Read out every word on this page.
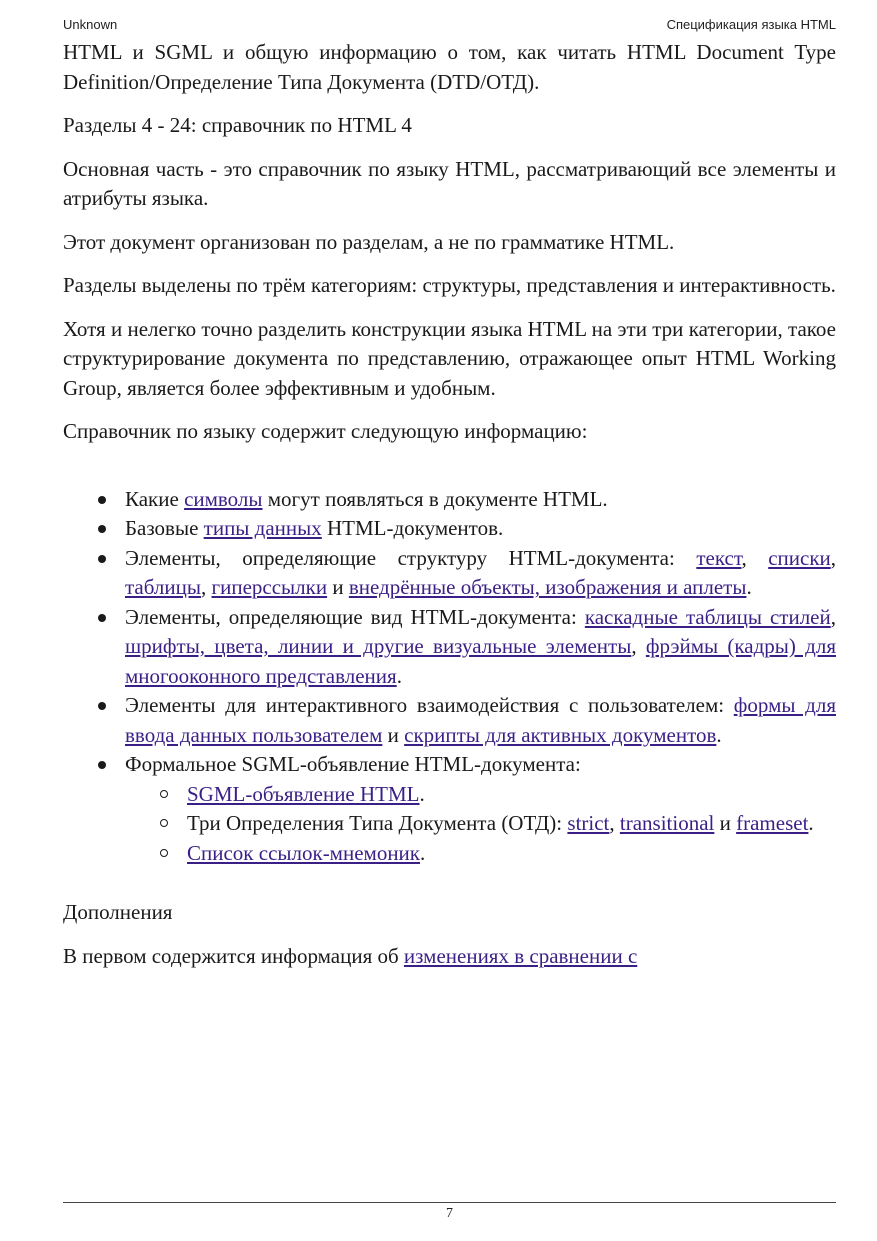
Unknown	Спецификация языка HTML

HTML и SGML и общую информацию о том, как читать HTML Document Type Definition/Определение Типа Документа (DTD/ОТД).

Разделы 4 - 24: справочник по HTML 4

Основная часть - это справочник по языку HTML, рассматривающий все элементы и атрибуты языка.

Этот документ организован по разделам, а не по грамматике HTML.

Разделы выделены по трём категориям: структуры, представления и интерактивность.

Хотя и нелегко точно разделить конструкции языка HTML на эти три категории, такое структурирование документа по представлению, отражающее опыт HTML Working Group, является более эффективным и удобным.

Справочник по языку содержит следующую информацию:

Какие символы могут появляться в документе HTML.
Базовые типы данных HTML-документов.
Элементы, определяющие структуру HTML-документа: текст, списки, таблицы, гиперссылки и внедрённые объекты, изображения и аплеты.
Элементы, определяющие вид HTML-документа: каскадные таблицы стилей, шрифты, цвета, линии и другие визуальные элементы, фрэймы (кадры) для многооконного представления.
Элементы для интерактивного взаимодействия с пользователем: формы для ввода данных пользователем и скрипты для активных документов.
Формальное SGML-объявление HTML-документа:
SGML-объявление HTML.
Три Определения Типа Документа (ОТД): strict, transitional и frameset.
Список ссылок-мнемоник.

Дополнения

В первом содержится информация об изменениях в сравнении с

7
